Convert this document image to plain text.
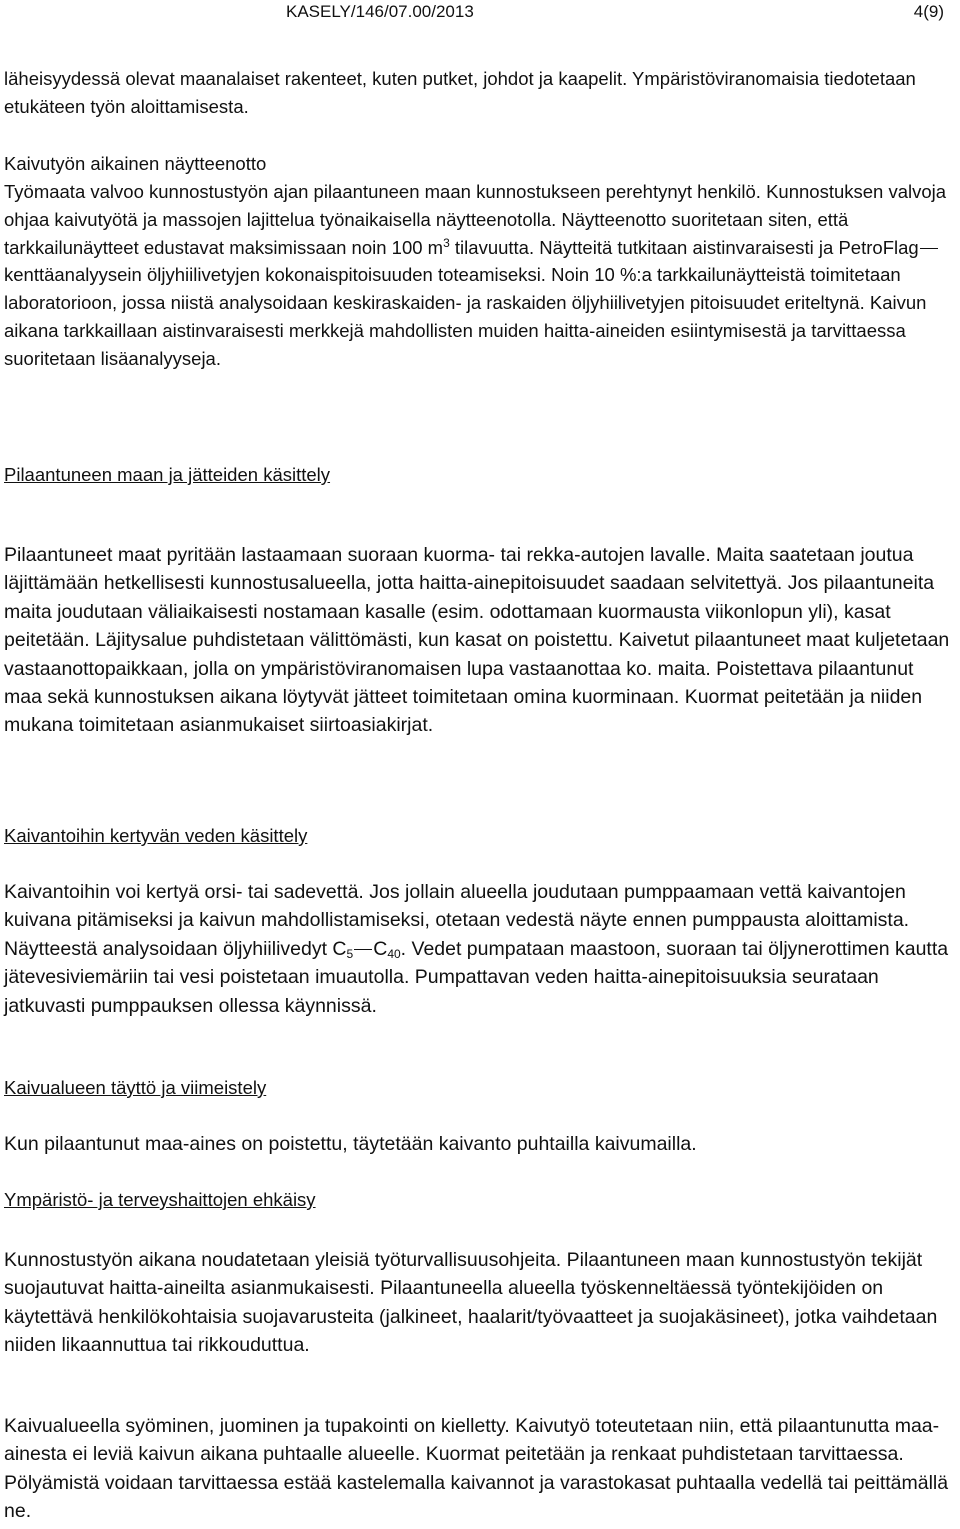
KASELY/146/07.00/2013	4(9)

läheisyydessä olevat maanalaiset rakenteet, kuten putket, johdot ja kaapelit. Ympäristöviranomaisia tiedotetaan etukäteen työn aloittamisesta.

Kaivutyön aikainen näytteenotto

Työmaata valvoo kunnostustyön ajan pilaantuneen maan kunnostukseen perehtynyt henkilö. Kunnostuksen valvoja ohjaa kaivutyötä ja massojen lajittelua työnaikaisella näytteenotolla. Näytteenotto suoritetaan siten, että tarkkailunäytteet edustavat maksimissaan noin 100 $m^3$ tilavuutta. Näytteitä tutkitaan aistinvaraisesti ja PetroFlag kenttäanalyysein öljyhiilivetyjen kokonaispitoisuuden toteamiseksi. Noin 10 %:a tarkkailunäytteistä toimitetaan laboratorioon, jossa niistä analysoidaan keskiraskaiden- ja raskaiden öljyhiilivetyjen pitoisuudet eriteltynä. Kaivun aikana tarkkaillaan aistinvaraisesti merkkejä mahdollisten muiden haitta-aineiden esiintymisestä ja tarvittaessa suoritetaan lisäanalyyseja.

Pilaantuneen maan ja jätteiden käsittely

Pilaantuneet maat pyritään lastaamaan suoraan kuorma- tai rekka-autojen lavalle. Maita saatetaan joutua läjittämään hetkellisesti kunnostusalueella, jotta haitta-ainepitoisuudet saadaan selvitettyä. Jos pilaantuneita maita joudutaan väliaikaisesti nostamaan kasalle (esim. odottamaan kuormausta viikonlopun yli), kasat peitetään. Läjitysalue puhdistetaan välittömästi, kun kasat on poistettu. Kaivetut pilaantuneet maat kuljetetaan vastaanottopaikkaan, jolla on ympäristöviranomaisen lupa vastaanottaa ko. maita. Poistettava pilaantunut maa sekä kunnostuksen aikana löytyvät jätteet toimitetaan omina kuorminaan. Kuormat peitetään ja niiden mukana toimitetaan asianmukaiset siirtoasiakirjat.

Kaivantoihin kertyvän veden käsittely

Kaivantoihin voi kertyä orsi- tai sadevettä. Jos jollain alueella joudutaan pumppaamaan vettä kaivantojen kuivana pitämiseksi ja kaivun mahdollistamiseksi, otetaan vedestä näyte ennen pumppausta aloittamista. Näytteestä analysoidaan öljyhiilivedyt $C_5$ $C_{40}$. Vedet pumpataan maastoon, suoraan tai öljynerottimen kautta jätevesiviemäriin tai vesi poistetaan imuautolla. Pumpattavan veden haitta-ainepitoisuuksia seurataan jatkuvasti pumppauksen ollessa käynnissä.

Kaivualueen täyttö ja viimeistely

Kun pilaantunut maa-aines on poistettu, täytetään kaivanto puhtailla kaivumailla.

Ympäristö- ja terveyshaittojen ehkäisy

Kunnostustyön aikana noudatetaan yleisiä työturvallisuusohjeita. Pilaantuneen maan kunnostustyön tekijät suojautuvat haitta-aineilta asianmukaisesti. Pilaantuneella alueella työskenneltäessä työntekijöiden on käytettävä henkilökohtaisia suojavarusteita (jalkineet, haalarit/työvaatteet ja suojakäsineet), jotka vaihdetaan niiden likaannuttua tai rikkouduttua.

Kaivualueella syöminen, juominen ja tupakointi on kielletty. Kaivutyö toteutetaan niin, että pilaantunutta maa-ainesta ei leviä kaivun aikana puhtaalle alueelle. Kuormat peitetään ja renkaat puhdistetaan tarvittaessa. Pölyämistä voidaan tarvittaessa estää kastelemalla kaivannot ja varastokasat puhtaalla vedellä tai peittämällä ne.
